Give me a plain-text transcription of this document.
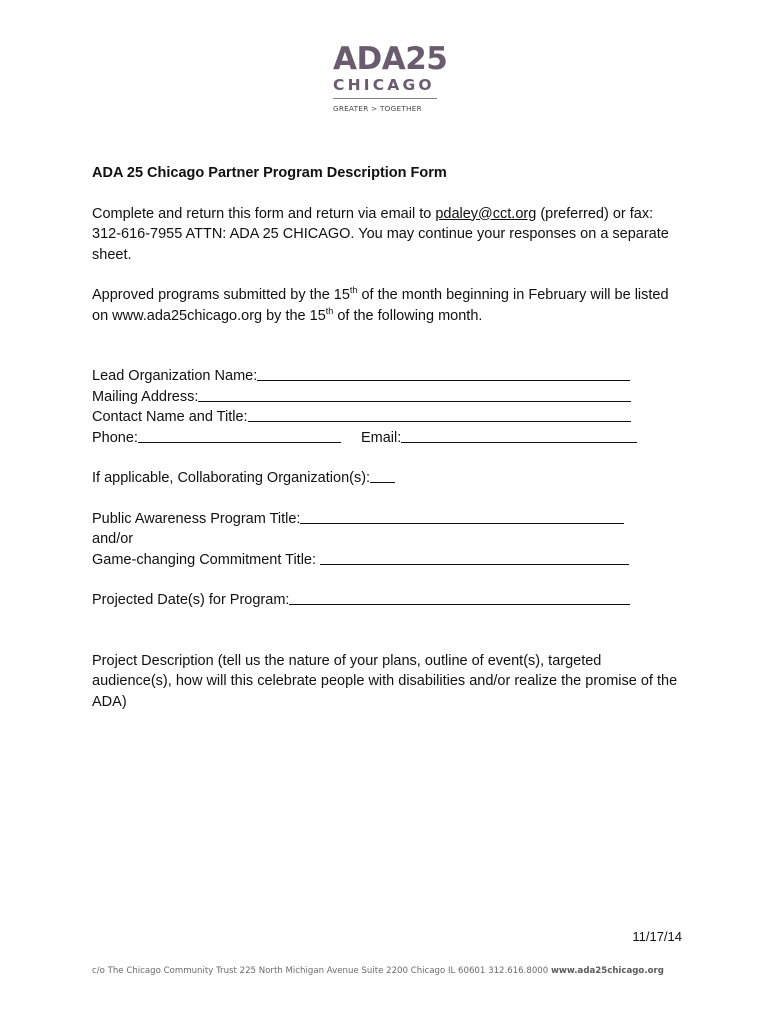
ADA25
CHICAGO
GREATER > TOGETHER

ADA 25 Chicago Partner Program Description Form

Complete and return this form and return via email to pdaley@cct.org (preferred) or fax: 312-616-7955 ATTN: ADA 25 CHICAGO. You may continue your responses on a separate sheet.

Approved programs submitted by the 15th of the month beginning in February will be listed on www.ada25chicago.org by the 15th of the following month.

Lead Organization Name:
Mailing Address:
Contact Name and Title:
Phone:	Email:
If applicable, Collaborating Organization(s):
Public Awareness Program Title:
and/or
Game-changing Commitment Title:
Projected Date(s) for Program:

Project Description (tell us the nature of your plans, outline of event(s), targeted audience(s), how will this celebrate people with disabilities and/or realize the promise of the ADA)

11/17/14
c/o The Chicago Community Trust 225 North Michigan Avenue Suite 2200 Chicago IL 60601 312.616.8000 www.ada25chicago.org
